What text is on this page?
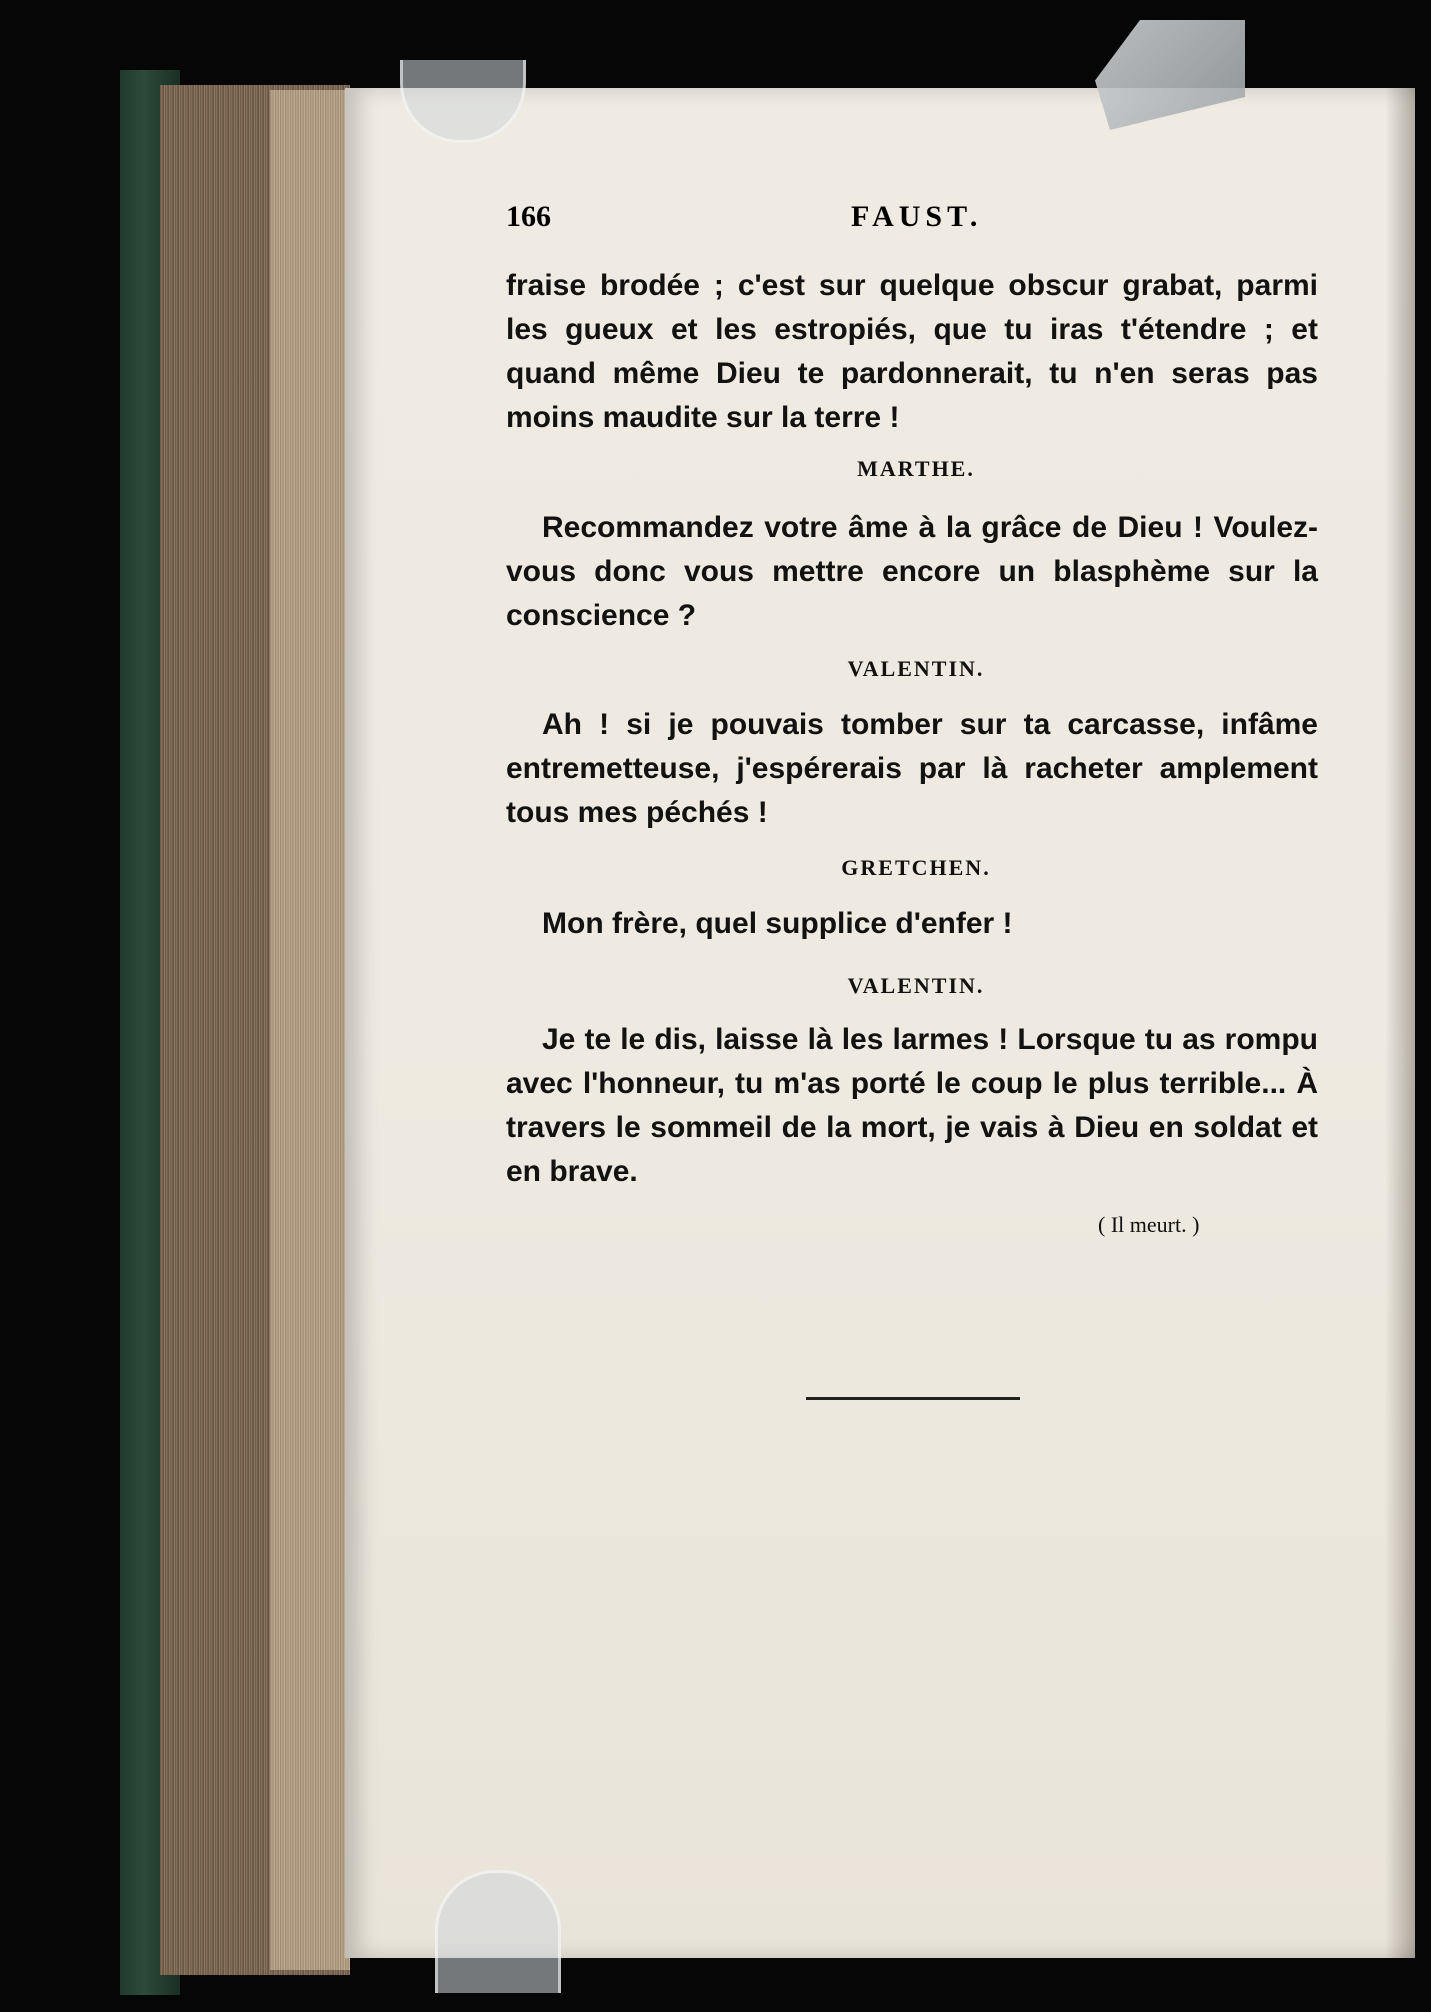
166	FAUST.

fraise brodée ; c'est sur quelque obscur grabat, parmi les gueux et les estropiés, que tu iras t'étendre ; et quand même Dieu te pardonnerait, tu n'en seras pas moins maudite sur la terre !

MARTHE.

Recommandez votre âme à la grâce de Dieu ! Voulez-vous donc vous mettre encore un blasphème sur la conscience ?

VALENTIN.

Ah ! si je pouvais tomber sur ta carcasse, infâme entremetteuse, j'espérerais par là racheter amplement tous mes péchés !

GRETCHEN.

Mon frère, quel supplice d'enfer !

VALENTIN.

Je te le dis, laisse là les larmes ! Lorsque tu as rompu avec l'honneur, tu m'as porté le coup le plus terrible... À travers le sommeil de la mort, je vais à Dieu en soldat et en brave.

( Il meurt. )
